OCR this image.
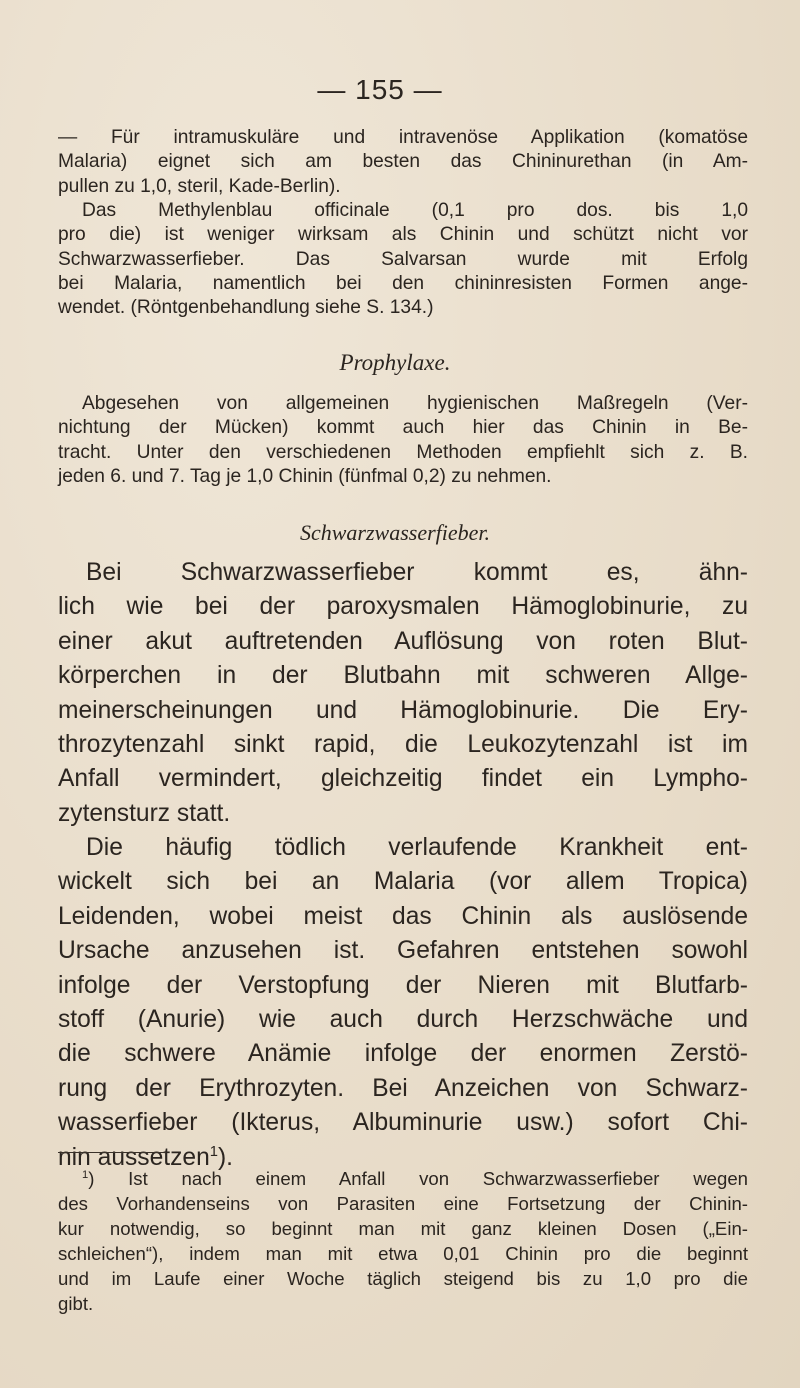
— 155 —
— Für intramuskuläre und intravenöse Applikation (komatöse
Malaria) eignet sich am besten das Chininurethan (in Am-
pullen zu 1,0, steril, Kade-Berlin).
Das Methylenblau officinale (0,1 pro dos. bis 1,0
pro die) ist weniger wirksam als Chinin und schützt nicht vor
Schwarzwasserfieber. Das Salvarsan wurde mit Erfolg
bei Malaria, namentlich bei den chininresisten Formen ange-
wendet. (Röntgenbehandlung siehe S. 134.)
Prophylaxe.
Abgesehen von allgemeinen hygienischen Maßregeln (Ver-
nichtung der Mücken) kommt auch hier das Chinin in Be-
tracht. Unter den verschiedenen Methoden empfiehlt sich z. B.
jeden 6. und 7. Tag je 1,0 Chinin (fünfmal 0,2) zu nehmen.
Schwarzwasserfieber.
Bei Schwarzwasserfieber kommt es, ähn-
lich wie bei der paroxysmalen Hämoglobinurie, zu
einer akut auftretenden Auflösung von roten Blut-
körperchen in der Blutbahn mit schweren Allge-
meinerscheinungen und Hämoglobinurie. Die Ery-
throzytenzahl sinkt rapid, die Leukozytenzahl ist im
Anfall vermindert, gleichzeitig findet ein Lympho-
zytensturz statt.
Die häufig tödlich verlaufende Krankheit ent-
wickelt sich bei an Malaria (vor allem Tropica)
Leidenden, wobei meist das Chinin als auslösende
Ursache anzusehen ist. Gefahren entstehen sowohl
infolge der Verstopfung der Nieren mit Blutfarb-
stoff (Anurie) wie auch durch Herzschwäche und
die schwere Anämie infolge der enormen Zerstö-
rung der Erythrozyten. Bei Anzeichen von Schwarz-
wasserfieber (Ikterus, Albuminurie usw.) sofort Chi-
nin aussetzen$^1$).
$^1$) Ist nach einem Anfall von Schwarzwasserfieber wegen
des Vorhandenseins von Parasiten eine Fortsetzung der Chinin-
kur notwendig, so beginnt man mit ganz kleinen Dosen („Ein-
schleichen“), indem man mit etwa 0,01 Chinin pro die beginnt
und im Laufe einer Woche täglich steigend bis zu 1,0 pro die
gibt.
